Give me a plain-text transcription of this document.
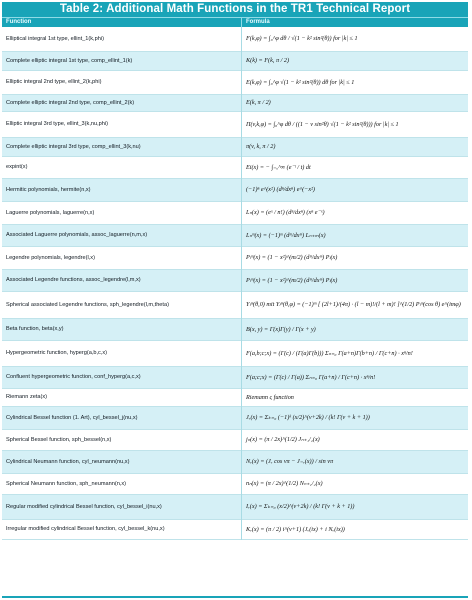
Table 2: Additional Math Functions in the TR1 Technical Report
Function	Formula
Elliptical integral 1st type, ellint_1(k,phi)	F(k,φ) = ∫₀^φ dθ / √(1 − k² sin²(θ)) for |k| ≤ 1
Complete elliptic integral 1st type, comp_ellint_1(k)	K(k) = F(k, π / 2)
Elliptic integral 2nd type, ellint_2(k,phi)	E(k,φ) = ∫₀^φ √(1 − k² sin²(θ)) dθ for |k| ≤ 1
Complete elliptic integral 2nd type, comp_ellint_2(k)	E(k, π / 2)
Elliptic integral 3rd type, ellint_3(k,nu,phi)	Π(v,k,φ) = ∫₀^φ dθ / ((1 − v sin²θ) √(1 − k² sin²(θ))) for |k| ≤ 1
Complete elliptic integral 3rd type, comp_ellint_3(k,nu)	π(v, k, π / 2)
expint(x)	Ei(x) = − ∫₋ₓ^∞ (e⁻ᵗ / t) dt
Hermitic polynomials, hermite(n,x)	(−1)ⁿ e^(x²) (dⁿ/dxⁿ) e^(−x²)
Laguerre polynomials, laguerre(n,x)	Lₙ(x) = (eˣ / n!) (dⁿ/dxⁿ) (xⁿ e⁻ˣ)
Associated Laguerre polynomials, assoc_laguerre(n,m,x)	Lₙᵐ(x) = (−1)ᵐ (dᵐ/dxᵐ) Lₙ₊ₘ(x)
Legendre polynomials, legendre(l,x)	Pₗᵐ(x) = (1 − x²)^(m/2) (dᵐ/dxᵐ) Pₗ(x)
Associated Legendre functions, assoc_legendre(l,m,x)	Pₗᵐ(x) = (1 − x²)^(m/2) (dᵐ/dxᵐ) Pₗ(x)
Spherical associated Legendre functions, sph_legendre(l,m,theta)	Yₗᵐ(θ,0) mit Yₗᵐ(θ,φ) = (−1)ᵐ [ (2l+1)/(4π) · (l − m)!/(l + m)! ]^(1/2) Pₗᵐ(cos θ) e^(imφ)
Beta function, beta(x,y)	B(x, y) = Γ(x)Γ(y) / Γ(x + y)
Hypergeometric function, hyperg(a,b,c,x)	F(a,b;c;x) = (Γ(c) / (Γ(a)Γ(b))) Σₙ₌₀ Γ(a+n)Γ(b+n) / Γ(c+n) · xⁿ/n!
Confluent hypergeometric function, conf_hyperg(a,c,x)	F(a;c;x) = (Γ(c) / Γ(a)) Σₙ₌₀ Γ(a+n) / Γ(c+n) · xⁿ/n!
Riemann zeta(x)	Riemann ς function
Cylindrical Bessel function (1. Art), cyl_bessel_j(nu,x)	Jᵥ(x) = Σₖ₌₀ (−1)ᵏ (x/2)^(v+2k) / (k! Γ(v + k + 1))
Spherical Bessel function, sph_bessel(n,x)	jₙ(x) = (π / 2x)^(1/2) Jₙ₊₁/₂(x)
Cylindrical Neumann function, cyl_neumann(nu,x)	Nᵥ(x) = (Jᵥ cos vπ − J₋ᵥ(x)) / sin vπ
Spherical Neumann function, sph_neumann(n,x)	nₙ(x) = (π / 2x)^(1/2) Nₙ₊₁/₂(x)
Regular modified cylindrical Bessel function, cyl_bessel_i(nu,x)	Iᵥ(x) = Σₖ₌₀ (x/2)^(v+2k) / (k! Γ(v + k + 1))
Irregular modified cylindrical Bessel function, cyl_bessel_k(nu,x)	Kᵥ(x) = (π / 2) i^(v+1) (Jᵥ(ix) + i Nᵥ(ix))
